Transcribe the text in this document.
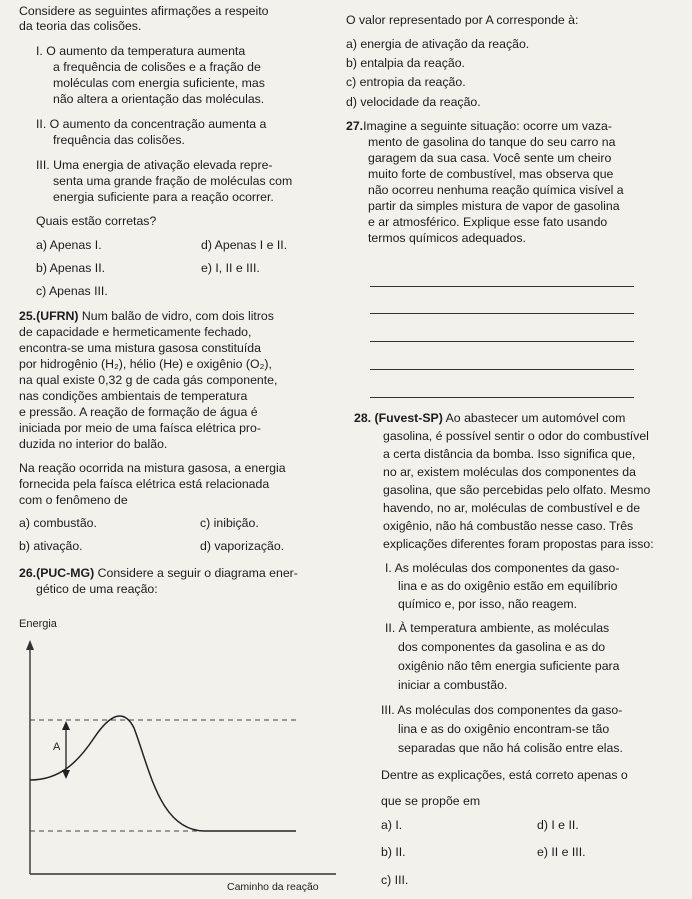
Considere as seguintes afirmações a respeito
da teoria das colisões.
I. O aumento da temperatura aumenta
a frequência de colisões e a fração de
moléculas com energia suficiente, mas
não altera a orientação das moléculas.
II. O aumento da concentração aumenta a
frequência das colisões.
III. Uma energia de ativação elevada repre-
senta uma grande fração de moléculas com
energia suficiente para a reação ocorrer.
Quais estão corretas?
a) Apenas I.	d) Apenas I e II.
b) Apenas II.	e) I, II e III.
c) Apenas III.
25.(UFRN) Num balão de vidro, com dois litros
de capacidade e hermeticamente fechado,
encontra-se uma mistura gasosa constituída
por hidrogênio (H₂), hélio (He) e oxigênio (O₂),
na qual existe 0,32 g de cada gás componente,
nas condições ambientais de temperatura
e pressão. A reação de formação de água é
iniciada por meio de uma faísca elétrica pro-
duzida no interior do balão.
Na reação ocorrida na mistura gasosa, a energia
fornecida pela faísca elétrica está relacionada
com o fenômeno de
a) combustão.	c) inibição.
b) ativação.	d) vaporização.
26.(PUC-MG) Considere a seguir o diagrama ener-
gético de uma reação:
A
Energia
Caminho da reação
O valor representado por A corresponde à:
a) energia de ativação da reação.
b) entalpia da reação.
c) entropia da reação.
d) velocidade da reação.
27.Imagine a seguinte situação: ocorre um vaza-
mento de gasolina do tanque do seu carro na
garagem da sua casa. Você sente um cheiro
muito forte de combustível, mas observa que
não ocorreu nenhuma reação química visível a
partir da simples mistura de vapor de gasolina
e ar atmosférico. Explique esse fato usando
termos químicos adequados.
28. (Fuvest-SP) Ao abastecer um automóvel com
gasolina, é possível sentir o odor do combustível
a certa distância da bomba. Isso significa que,
no ar, existem moléculas dos componentes da
gasolina, que são percebidas pelo olfato. Mesmo
havendo, no ar, moléculas de combustível e de
oxigênio, não há combustão nesse caso. Três
explicações diferentes foram propostas para isso:
I. As moléculas dos componentes da gaso-
lina e as do oxigênio estão em equilíbrio
químico e, por isso, não reagem.
II. À temperatura ambiente, as moléculas
dos componentes da gasolina e as do
oxigênio não têm energia suficiente para
iniciar a combustão.
III. As moléculas dos componentes da gaso-
lina e as do oxigênio encontram-se tão
separadas que não há colisão entre elas.
Dentre as explicações, está correto apenas o
que se propõe em
a) I.	d) I e II.
b) II.	e) II e III.
c) III.
